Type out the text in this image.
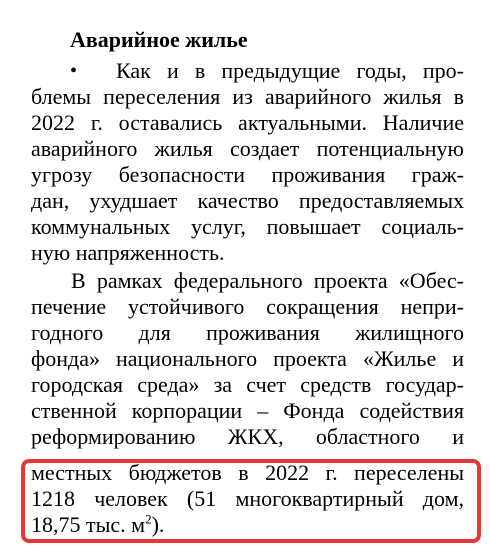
Аварийное жилье
• Как и в предыдущие годы, про-
блемы переселения из аварийного жилья в
2022 г. оставались актуальными. Наличие
аварийного жилья создает потенциальную
угрозу безопасности проживания граж-
дан, ухудшает качество предоставляемых
коммунальных услуг, повышает социаль-
ную напряженность.
В рамках федерального проекта «Обес-
печение устойчивого сокращения непри-
годного для проживания жилищного
фонда» национального проекта «Жилье и
городская среда» за счет средств государ-
ственной корпорации – Фонда содействия
реформированию ЖКХ, областного и
местных бюджетов в 2022 г. переселены
1218 человек (51 многоквартирный дом,
18,75 тыс. $м^2$).
